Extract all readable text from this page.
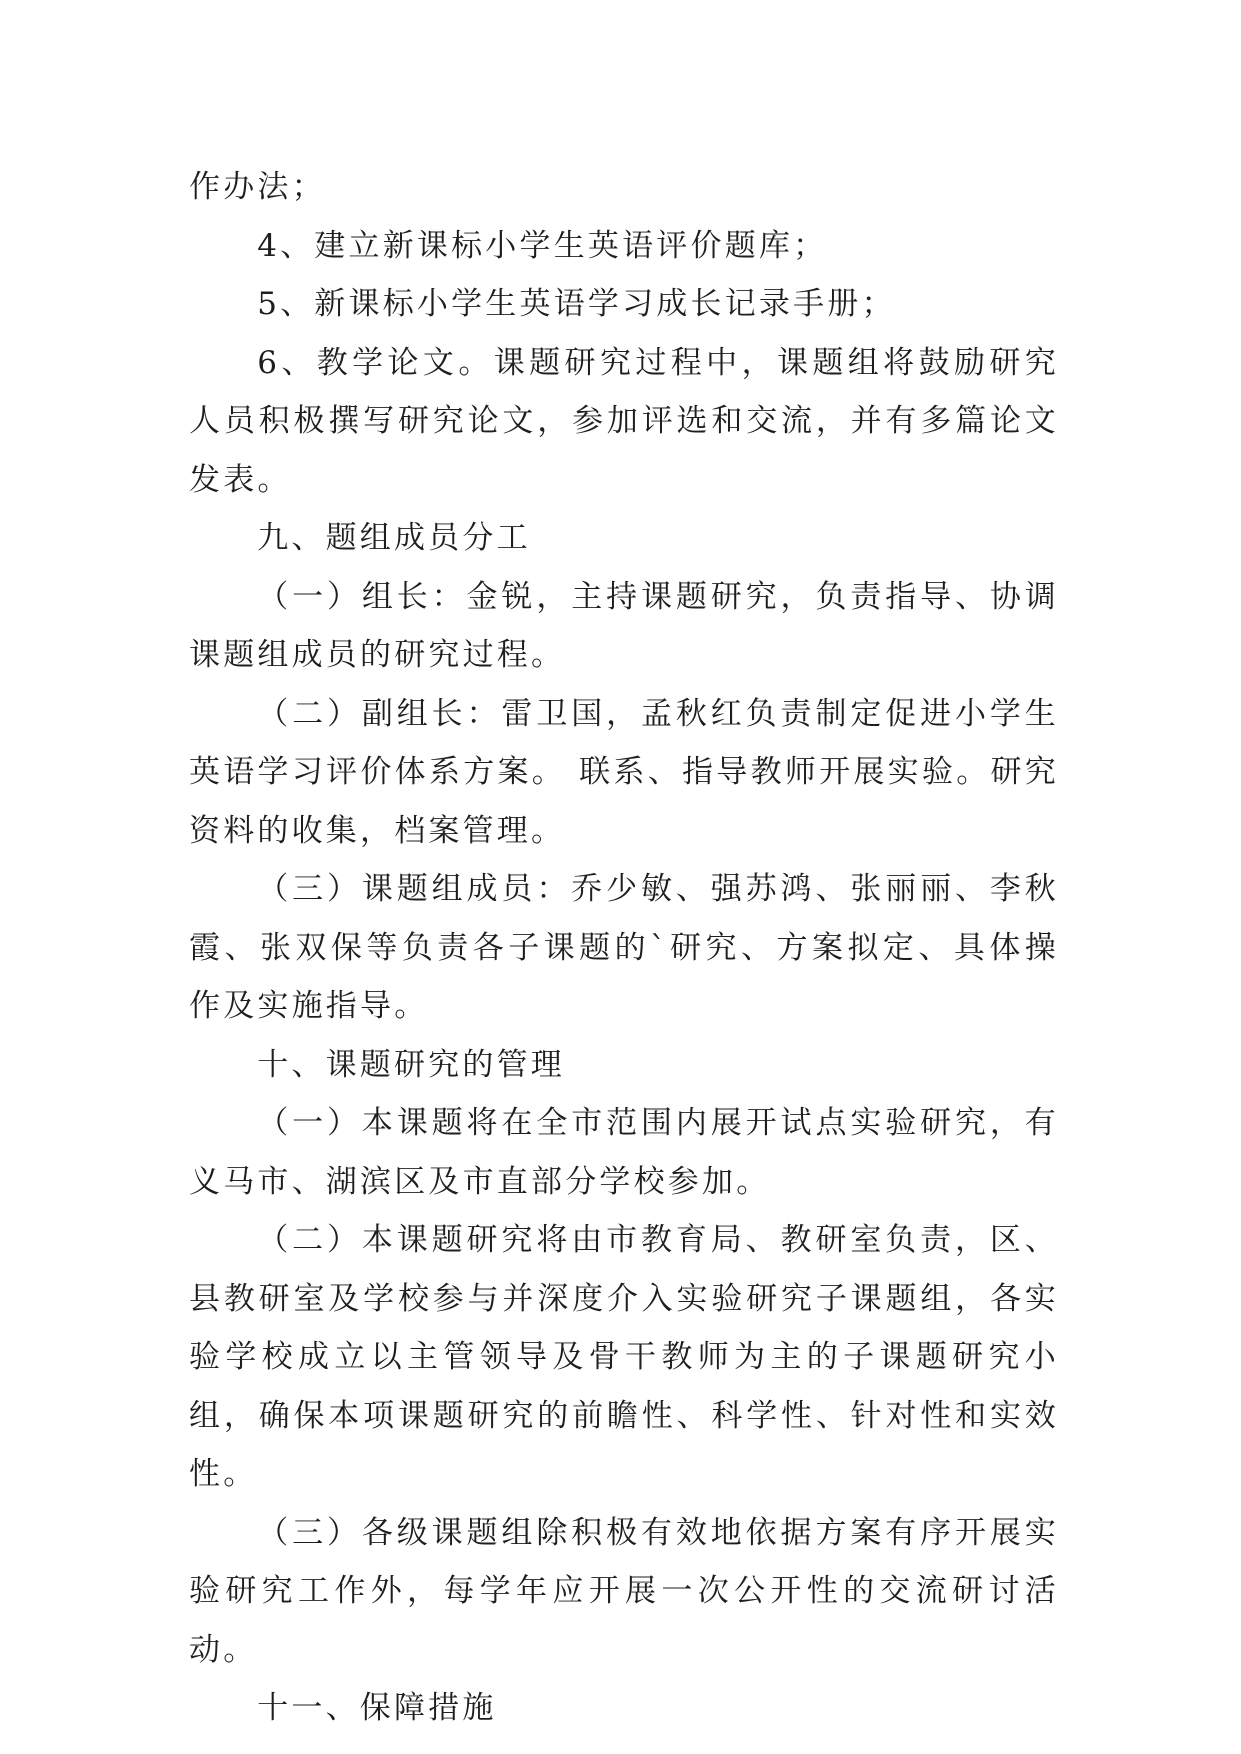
作办法；

4、建立新课标小学生英语评价题库；

5、新课标小学生英语学习成长记录手册；

6、教学论文。课题研究过程中，课题组将鼓励研究人员积极撰写研究论文，参加评选和交流，并有多篇论文发表。

九、题组成员分工

（一）组长：金锐，主持课题研究，负责指导、协调课题组成员的研究过程。

（二）副组长：雷卫国，孟秋红负责制定促进小学生英语学习评价体系方案。 联系、指导教师开展实验。研究资料的收集，档案管理。

（三）课题组成员：乔少敏、强苏鸿、张丽丽、李秋霞、张双保等负责各子课题的`研究、方案拟定、具体操作及实施指导。

十、课题研究的管理

（一）本课题将在全市范围内展开试点实验研究，有义马市、湖滨区及市直部分学校参加。

（二）本课题研究将由市教育局、教研室负责，区、县教研室及学校参与并深度介入实验研究子课题组，各实验学校成立以主管领导及骨干教师为主的子课题研究小组，确保本项课题研究的前瞻性、科学性、针对性和实效性。

（三）各级课题组除积极有效地依据方案有序开展实验研究工作外，每学年应开展一次公开性的交流研讨活动。

十一、保障措施
